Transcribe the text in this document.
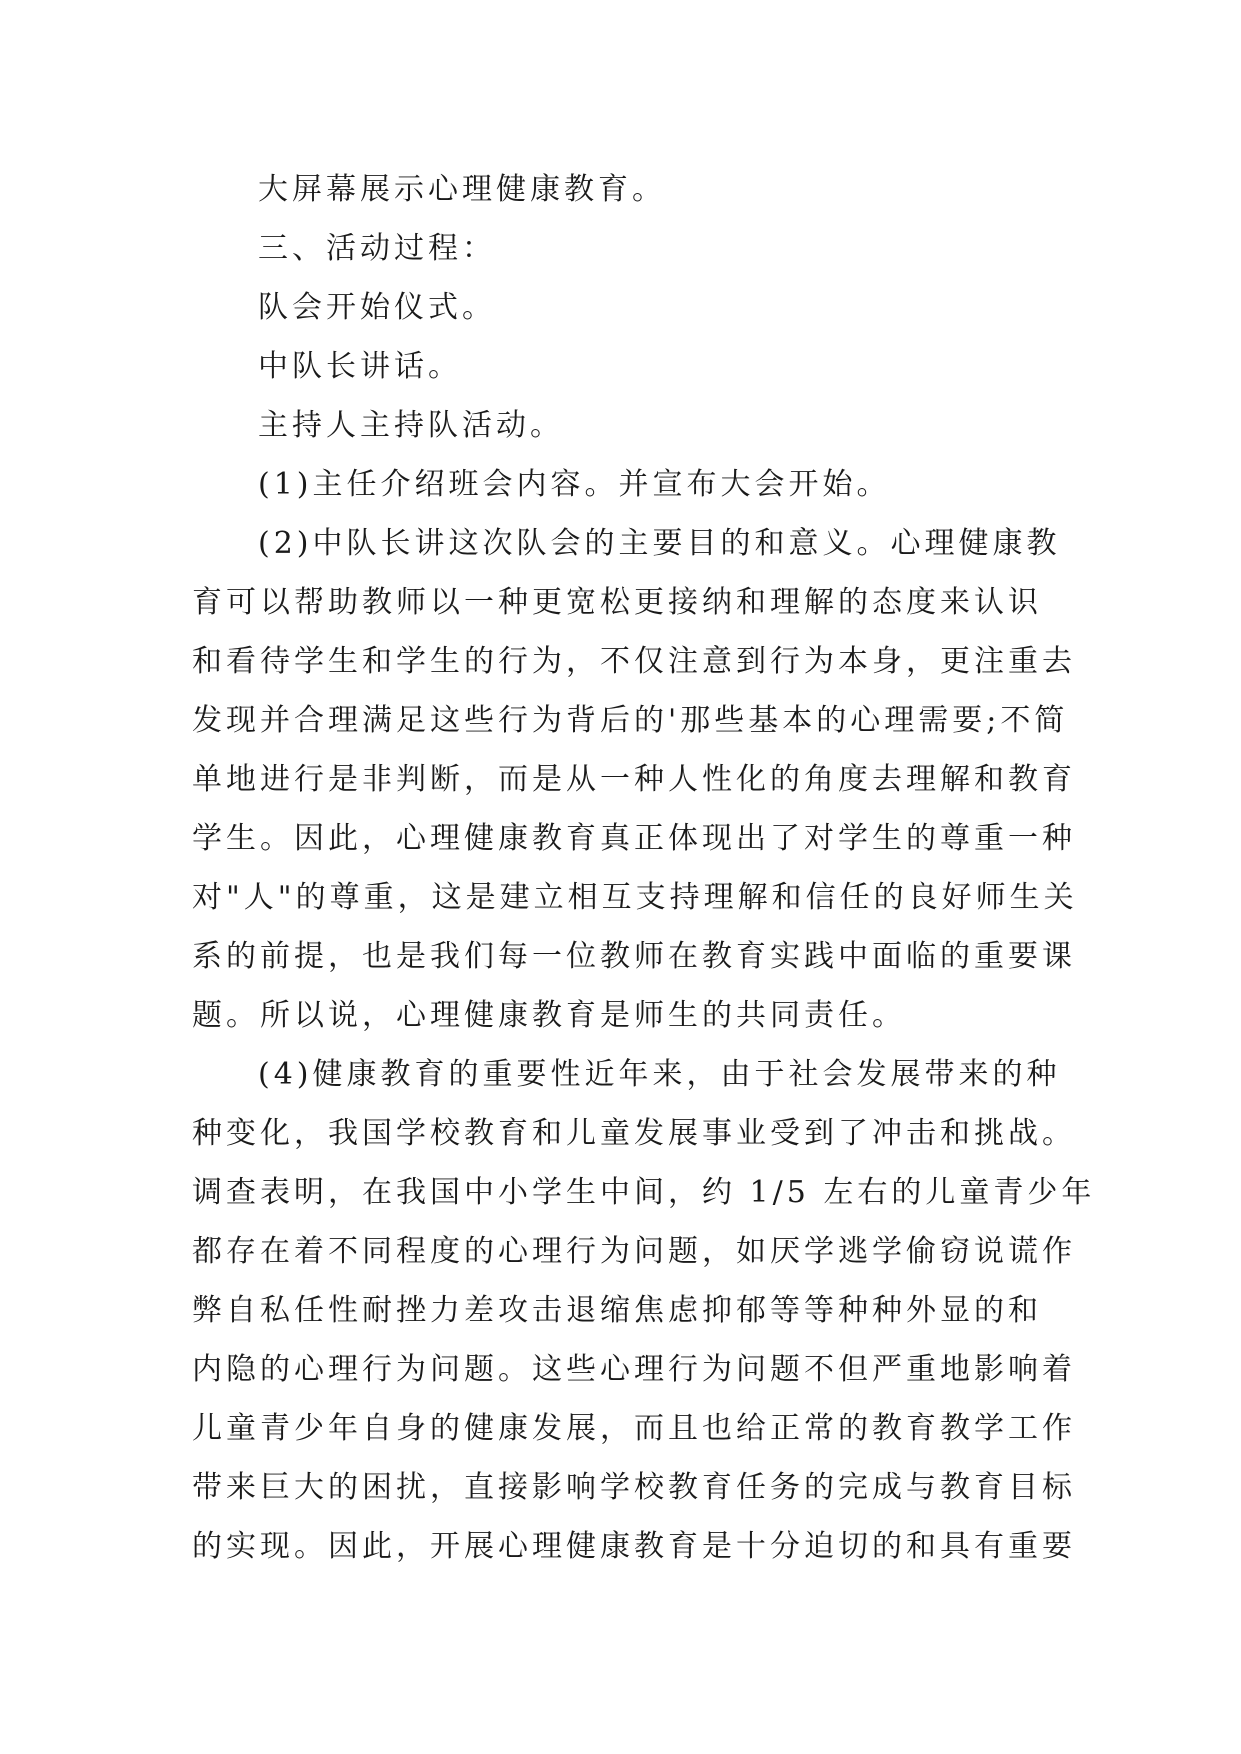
大屏幕展示心理健康教育。
三、活动过程：
队会开始仪式。
中队长讲话。
主持人主持队活动。
(1)主任介绍班会内容。并宣布大会开始。
(2)中队长讲这次队会的主要目的和意义。心理健康教
育可以帮助教师以一种更宽松更接纳和理解的态度来认识
和看待学生和学生的行为，不仅注意到行为本身，更注重去
发现并合理满足这些行为背后的'那些基本的心理需要;不简
单地进行是非判断，而是从一种人性化的角度去理解和教育
学生。因此，心理健康教育真正体现出了对学生的尊重一种
对"人"的尊重，这是建立相互支持理解和信任的良好师生关
系的前提，也是我们每一位教师在教育实践中面临的重要课
题。所以说，心理健康教育是师生的共同责任。
(4)健康教育的重要性近年来，由于社会发展带来的种
种变化，我国学校教育和儿童发展事业受到了冲击和挑战。
调查表明，在我国中小学生中间，约 1/5 左右的儿童青少年
都存在着不同程度的心理行为问题，如厌学逃学偷窃说谎作
弊自私任性耐挫力差攻击退缩焦虑抑郁等等种种外显的和
内隐的心理行为问题。这些心理行为问题不但严重地影响着
儿童青少年自身的健康发展，而且也给正常的教育教学工作
带来巨大的困扰，直接影响学校教育任务的完成与教育目标
的实现。因此，开展心理健康教育是十分迫切的和具有重要
